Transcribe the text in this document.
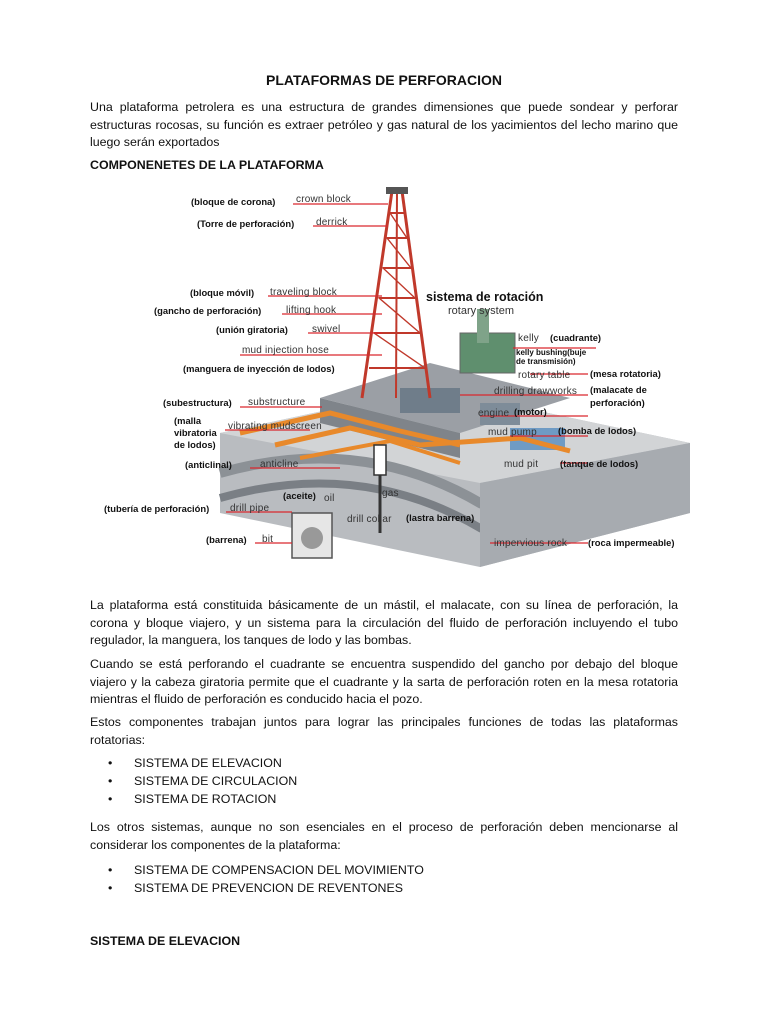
PLATAFORMAS DE PERFORACION

Una plataforma petrolera es una estructura de grandes dimensiones que puede sondear y perforar estructuras rocosas, su función es extraer petróleo y gas natural de los yacimientos del lecho marino que luego serán exportados

COMPONENETES DE LA PLATAFORMA
(bloque de corona) crown block
(Torre de perforación) derrick
(bloque móvil) traveling block
(gancho de perforación) lifting hook
(unión giratoria) swivel
mud injection hose
(manguera de inyección de lodos)
(subestructura) substructure
(malla
vibratoria
vibrating mudscreen
de lodos)
(anticlinal)	anticline
(tubería de perforación) drill pipe
(barrena) bit
(aceite) oil	gas
drill collar (lastra barrena)
sistema de rotación
rotary system
kelly (cuadrante)
kelly bushing(buje
de transmisión)
rotary table (mesa rotatoria)
drilling drawworks (malacate de
perforación)
engine (motor)
mud pump (bomba de lodos)
mud pit (tanque de lodos)
impervious rock (roca impermeable)

La plataforma está constituida básicamente de un mástil, el malacate, con su línea de perforación, la corona y bloque viajero, y un sistema para la circulación del fluido de perforación incluyendo el tubo regulador, la manguera, los tanques de lodo y las bombas.

Cuando se está perforando el cuadrante se encuentra suspendido del gancho por debajo del bloque viajero y la cabeza giratoria permite que el cuadrante y la sarta de perforación roten en la mesa rotatoria mientras el fluido de perforación es conducido hacia el pozo.

Estos componentes trabajan juntos para lograr las principales funciones de todas las plataformas rotatorias:

• SISTEMA DE ELEVACION
• SISTEMA DE CIRCULACION
• SISTEMA DE ROTACION

Los otros sistemas, aunque no son esenciales en el proceso de perforación deben mencionarse al considerar los componentes de la plataforma:

• SISTEMA DE COMPENSACION DEL MOVIMIENTO
• SISTEMA DE PREVENCION DE REVENTONES
SISTEMA DE ELEVACION
